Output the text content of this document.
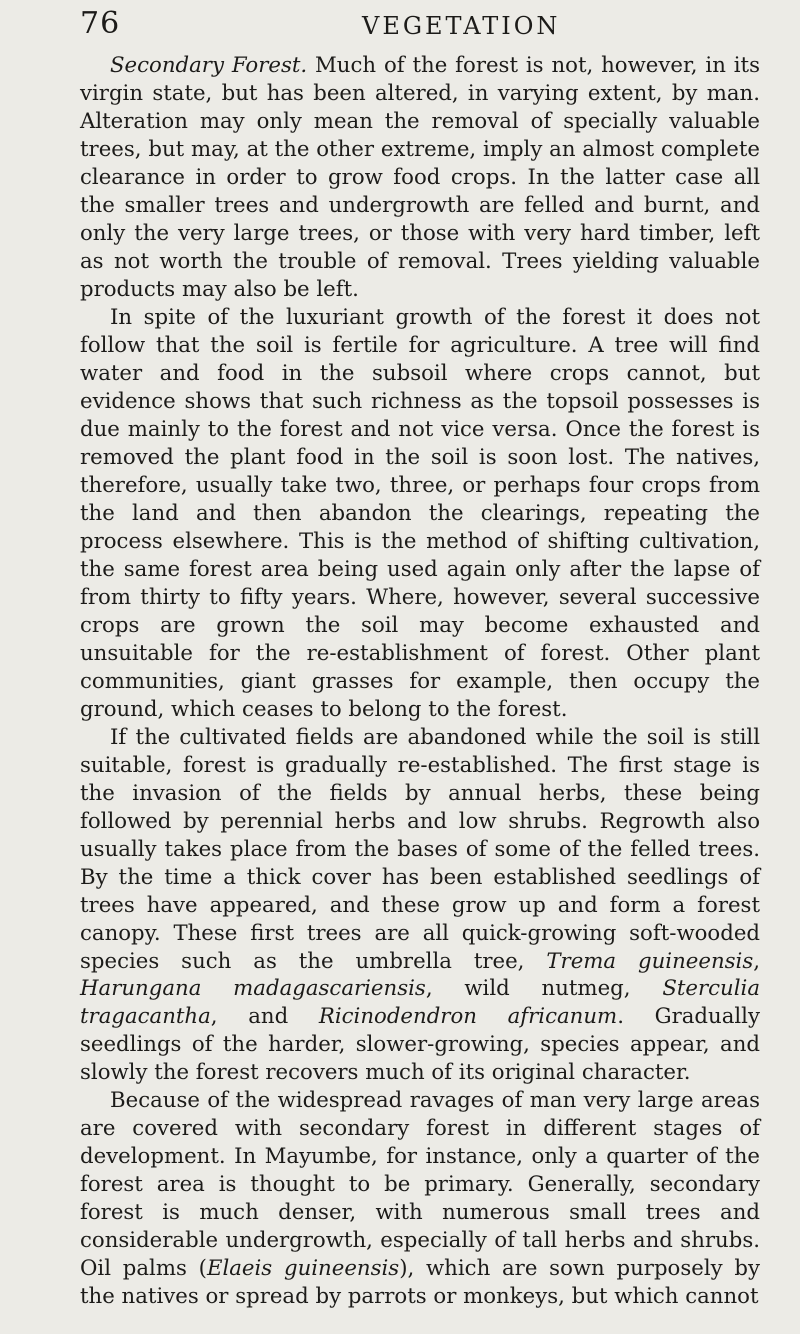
76	VEGETATION

Secondary Forest. Much of the forest is not, however, in its virgin state, but has been altered, in varying extent, by man. Alteration may only mean the removal of specially valuable trees, but may, at the other extreme, imply an almost complete clearance in order to grow food crops. In the latter case all the smaller trees and undergrowth are felled and burnt, and only the very large trees, or those with very hard timber, left as not worth the trouble of removal. Trees yielding valuable products may also be left.

In spite of the luxuriant growth of the forest it does not follow that the soil is fertile for agriculture. A tree will find water and food in the subsoil where crops cannot, but evidence shows that such richness as the topsoil possesses is due mainly to the forest and not vice versa. Once the forest is removed the plant food in the soil is soon lost. The natives, therefore, usually take two, three, or perhaps four crops from the land and then abandon the clearings, repeating the process elsewhere. This is the method of shifting cultivation, the same forest area being used again only after the lapse of from thirty to fifty years. Where, however, several successive crops are grown the soil may become exhausted and unsuitable for the re-establishment of forest. Other plant communities, giant grasses for example, then occupy the ground, which ceases to belong to the forest.

If the cultivated fields are abandoned while the soil is still suitable, forest is gradually re-established. The first stage is the invasion of the fields by annual herbs, these being followed by perennial herbs and low shrubs. Regrowth also usually takes place from the bases of some of the felled trees. By the time a thick cover has been established seedlings of trees have appeared, and these grow up and form a forest canopy. These first trees are all quick-growing soft-wooded species such as the umbrella tree, Trema guineensis, Harungana madagascariensis, wild nutmeg, Sterculia tragacantha, and Ricinodendron africanum. Gradually seedlings of the harder, slower-growing, species appear, and slowly the forest recovers much of its original character.

Because of the widespread ravages of man very large areas are covered with secondary forest in different stages of development. In Mayumbe, for instance, only a quarter of the forest area is thought to be primary. Generally, secondary forest is much denser, with numerous small trees and considerable undergrowth, especially of tall herbs and shrubs. Oil palms (Elaeis guineensis), which are sown purposely by the natives or spread by parrots or monkeys, but which cannot
